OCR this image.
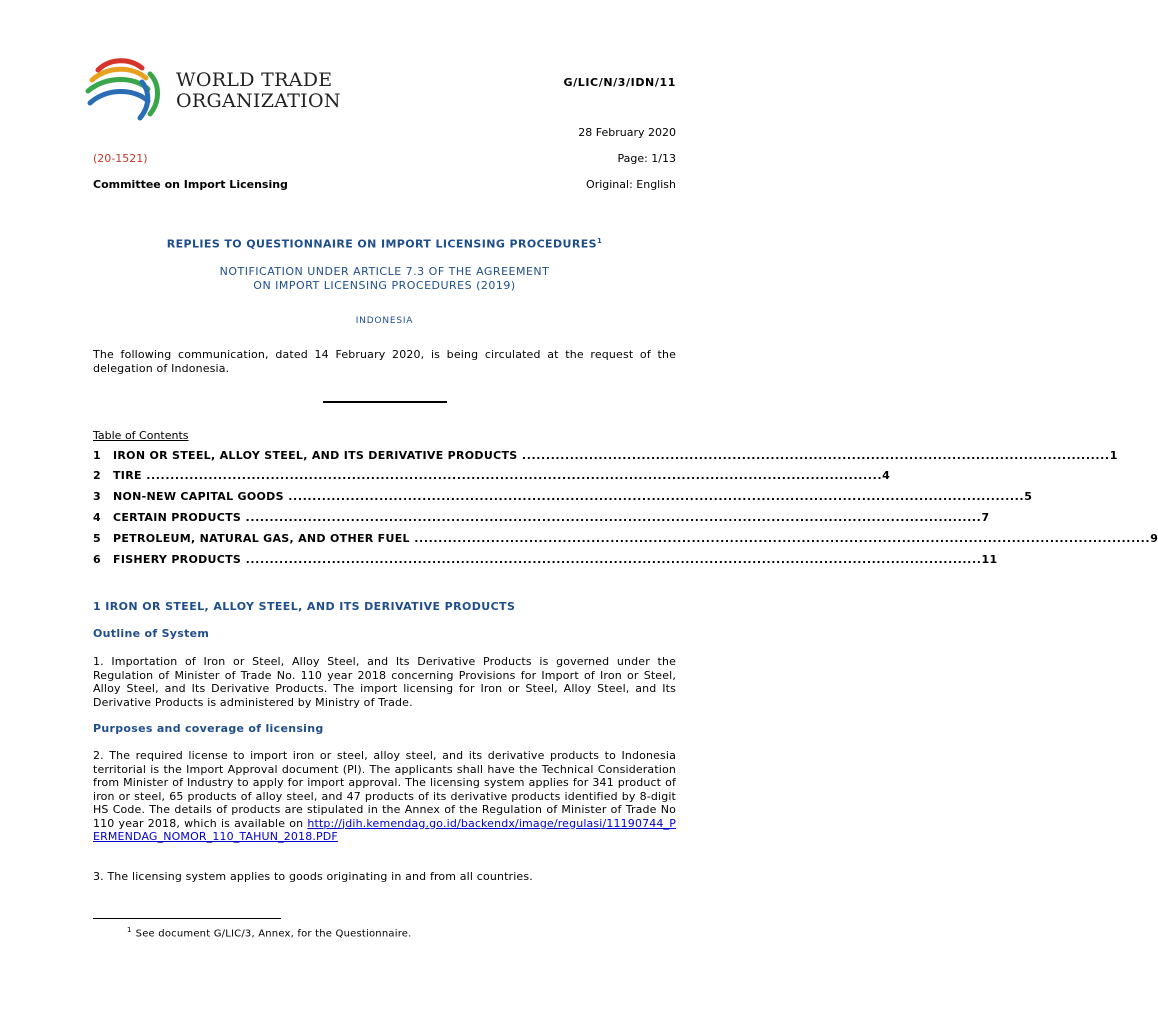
WORLD TRADE
ORGANIZATION
G/LIC/N/3/IDN/11
28 February 2020
(20-1521)	Page: 1/13
Committee on Import Licensing	Original: English
REPLIES TO QUESTIONNAIRE ON IMPORT LICENSING PROCEDURES$^1$
NOTIFICATION UNDER ARTICLE 7.3 OF THE AGREEMENT
ON IMPORT LICENSING PROCEDURES (2019)
INDONESIA
The following communication, dated 14 February 2020, is being circulated at the request of the delegation of Indonesia.
Table of Contents
1	IRON OR STEEL, ALLOY STEEL, AND ITS DERIVATIVE PRODUCTS ........................................................................................................................... 1
2	TIRE .......................................................................................................................................................... 4
3	NON-NEW CAPITAL GOODS .......................................................................................................................................................... 5
4	CERTAIN PRODUCTS .......................................................................................................................................................... 7
5	PETROLEUM, NATURAL GAS, AND OTHER FUEL .......................................................................................................................................................... 9
6	FISHERY PRODUCTS .......................................................................................................................................................... 11
1 IRON OR STEEL, ALLOY STEEL, AND ITS DERIVATIVE PRODUCTS
Outline of System
1. Importation of Iron or Steel, Alloy Steel, and Its Derivative Products is governed under the Regulation of Minister of Trade No. 110 year 2018 concerning Provisions for Import of Iron or Steel, Alloy Steel, and Its Derivative Products. The import licensing for Iron or Steel, Alloy Steel, and Its Derivative Products is administered by Ministry of Trade.
Purposes and coverage of licensing
2. The required license to import iron or steel, alloy steel, and its derivative products to Indonesia territorial is the Import Approval document (PI). The applicants shall have the Technical Consideration from Minister of Industry to apply for import approval. The licensing system applies for 341 product of iron or steel, 65 products of alloy steel, and 47 products of its derivative products identified by 8-digit HS Code. The details of products are stipulated in the Annex of the Regulation of Minister of Trade No 110 year 2018, which is available on http://jdih.kemendag.go.id/backendx/image/regulasi/11190744_PERMENDAG_NOMOR_110_TAHUN_2018.PDF
3. The licensing system applies to goods originating in and from all countries.
$^1$ See document G/LIC/3, Annex, for the Questionnaire.
